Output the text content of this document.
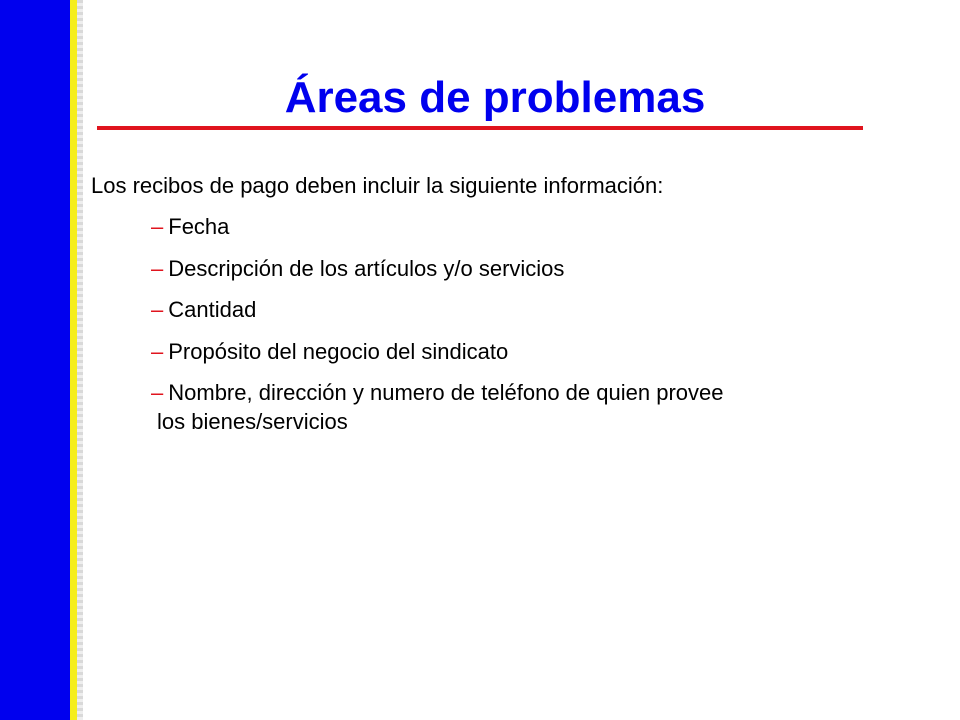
Áreas de problemas

Los recibos de pago deben incluir la siguiente información:

– Fecha
– Descripción de los artículos y/o servicios
– Cantidad
– Propósito del negocio del sindicato
– Nombre, dirección y numero de teléfono de quien provee
los bienes/servicios
